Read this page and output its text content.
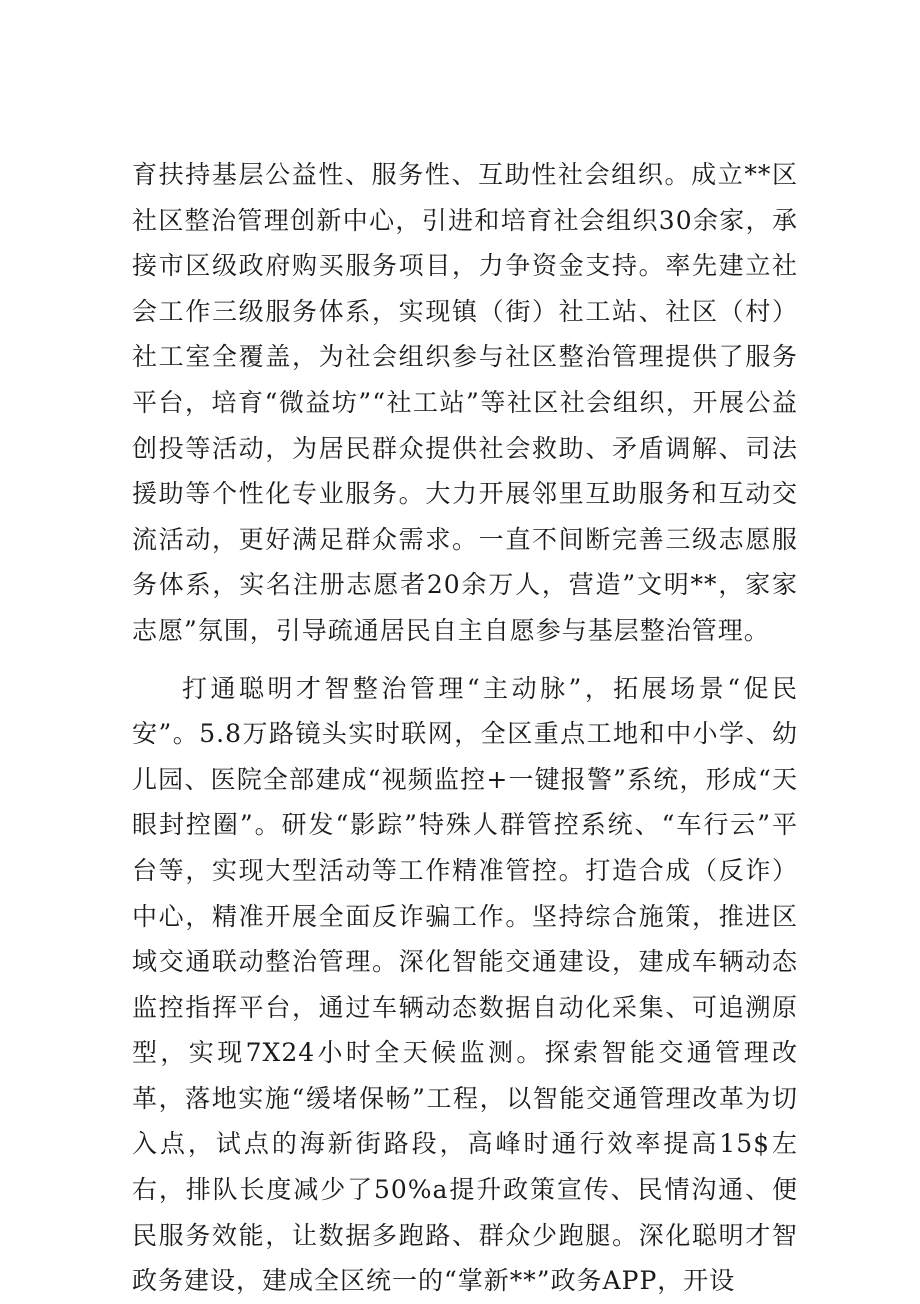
育扶持基层公益性、服务性、互助性社会组织。成立**区社区整治管理创新中心，引进和培育社会组织30余家，承接市区级政府购买服务项目，力争资金支持。率先建立社会工作三级服务体系，实现镇（街）社工站、社区（村）社工室全覆盖，为社会组织参与社区整治管理提供了服务平台，培育“微益坊”“社工站”等社区社会组织，开展公益创投等活动，为居民群众提供社会救助、矛盾调解、司法援助等个性化专业服务。大力开展邻里互助服务和互动交流活动，更好满足群众需求。一直不间断完善三级志愿服务体系，实名注册志愿者20余万人，营造”文明**，家家志愿”氛围，引导疏通居民自主自愿参与基层整治管理。

打通聪明才智整治管理“主动脉”，拓展场景“促民安”。5.8万路镜头实时联网，全区重点工地和中小学、幼儿园、医院全部建成“视频监控+一键报警”系统，形成“天眼封控圈”。研发“影踪”特殊人群管控系统、“车行云”平台等，实现大型活动等工作精准管控。打造合成（反诈）中心，精准开展全面反诈骗工作。坚持综合施策，推进区域交通联动整治管理。深化智能交通建设，建成车辆动态监控指挥平台，通过车辆动态数据自动化采集、可追溯原型，实现7X24小时全天候监测。探索智能交通管理改革，落地实施“缓堵保畅”工程，以智能交通管理改革为切入点，试点的海新街路段，高峰时通行效率提高15$左右，排队长度减少了50%a提升政策宣传、民情沟通、便民服务效能，让数据多跑路、群众少跑腿。深化聪明才智政务建设，建成全区统一的“掌新**”政务APP，开设
